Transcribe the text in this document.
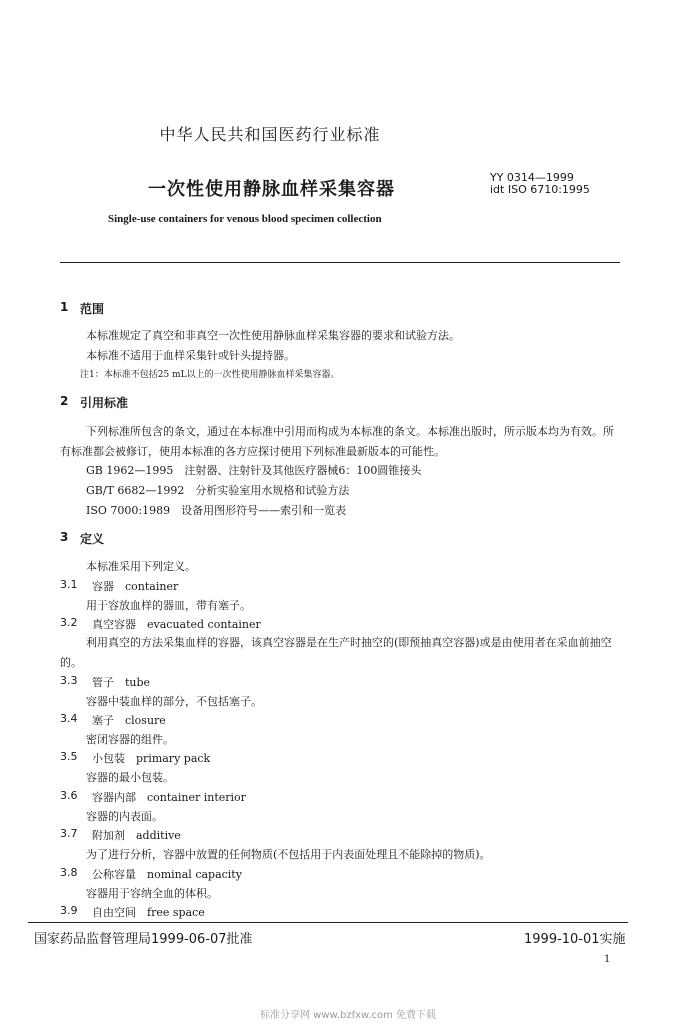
中华人民共和国医药行业标准
一次性使用静脉血样采集容器
YY 0314—1999
idt ISO 6710:1995
Single-use containers for venous blood specimen collection
1 范围
本标准规定了真空和非真空一次性使用静脉血样采集容器的要求和试验方法。
本标准不适用于血样采集针或针头提持器。
注1：本标准不包括25 mL以上的一次性使用静脉血样采集容器。
2 引用标准
下列标准所包含的条文，通过在本标准中引用而构成为本标准的条文。本标准出版时，所示版本均为有效。所有标准都会被修订，使用本标准的各方应探讨使用下列标准最新版本的可能性。
GB 1962—1995　注射器、注射针及其他医疗器械6：100圆锥接头
GB/T 6682—1992　分析实验室用水规格和试验方法
ISO 7000:1989　设备用图形符号——索引和一览表
3 定义
本标准采用下列定义。
3.1 容器　container
用于容放血样的器皿，带有塞子。
3.2 真空容器　evacuated container
利用真空的方法采集血样的容器，该真空容器是在生产时抽空的(即预抽真空容器)或是由使用者在采血前抽空的。
3.3 管子　tube
容器中装血样的部分，不包括塞子。
3.4 塞子　closure
密闭容器的组件。
3.5 小包装　primary pack
容器的最小包装。
3.6 容器内部　container interior
容器的内表面。
3.7 附加剂　additive
为了进行分析，容器中放置的任何物质(不包括用于内表面处理且不能除掉的物质)。
3.8 公称容量　nominal capacity
容器用于容纳全血的体积。
3.9 自由空间　free space
国家药品监督管理局1999-06-07批准	1999-10-01实施
1
标准分享网 www.bzfxw.com 免费下载
